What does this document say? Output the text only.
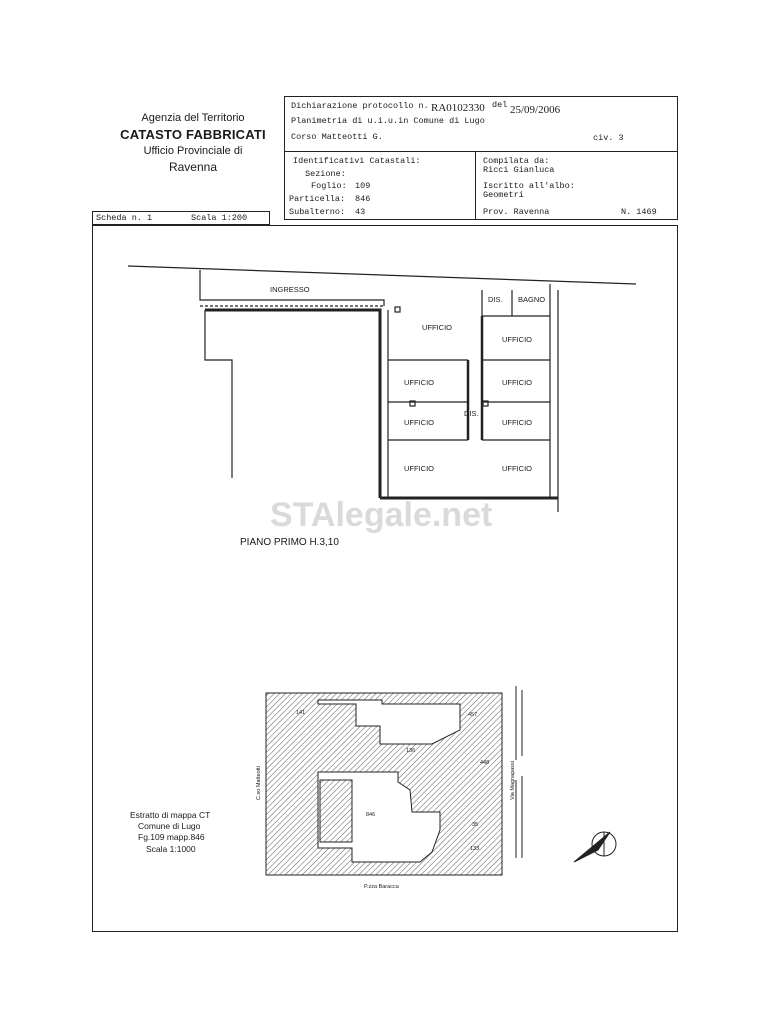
Agenzia del Territorio
CATASTO FABBRICATI
Ufficio Provinciale di
Ravenna
Dichiarazione protocollo n. RA0102330 del 25/09/2006
Planimetria di u.i.u.in Comune di Lugo
Corso Matteotti G.	civ. 3
Identificativi Catastali:
Sezione:
Foglio: 109
Particella: 846
Subalterno: 43
Compilata da:
Ricci Gianluca
Iscritto all'albo:
Geometri
Prov. Ravenna	N. 1469
Scheda n. 1	Scala 1:200
STAlegale.net
INGRESSO
DIS. BAGNO
UFFICIO
UFFICIO
UFFICIO	UFFICIO
UFFICIO	UFFICIO
UFFICIO	UFFICIO
DIS.
PIANO PRIMO H.3,10
141	457
136
448
846
35
133
C.so Matteotti	Via Magnapassi
P.zza Baracca
Estratto di mappa CT
Comune di Lugo
Fg.109 mapp.846
Scala 1:1000
